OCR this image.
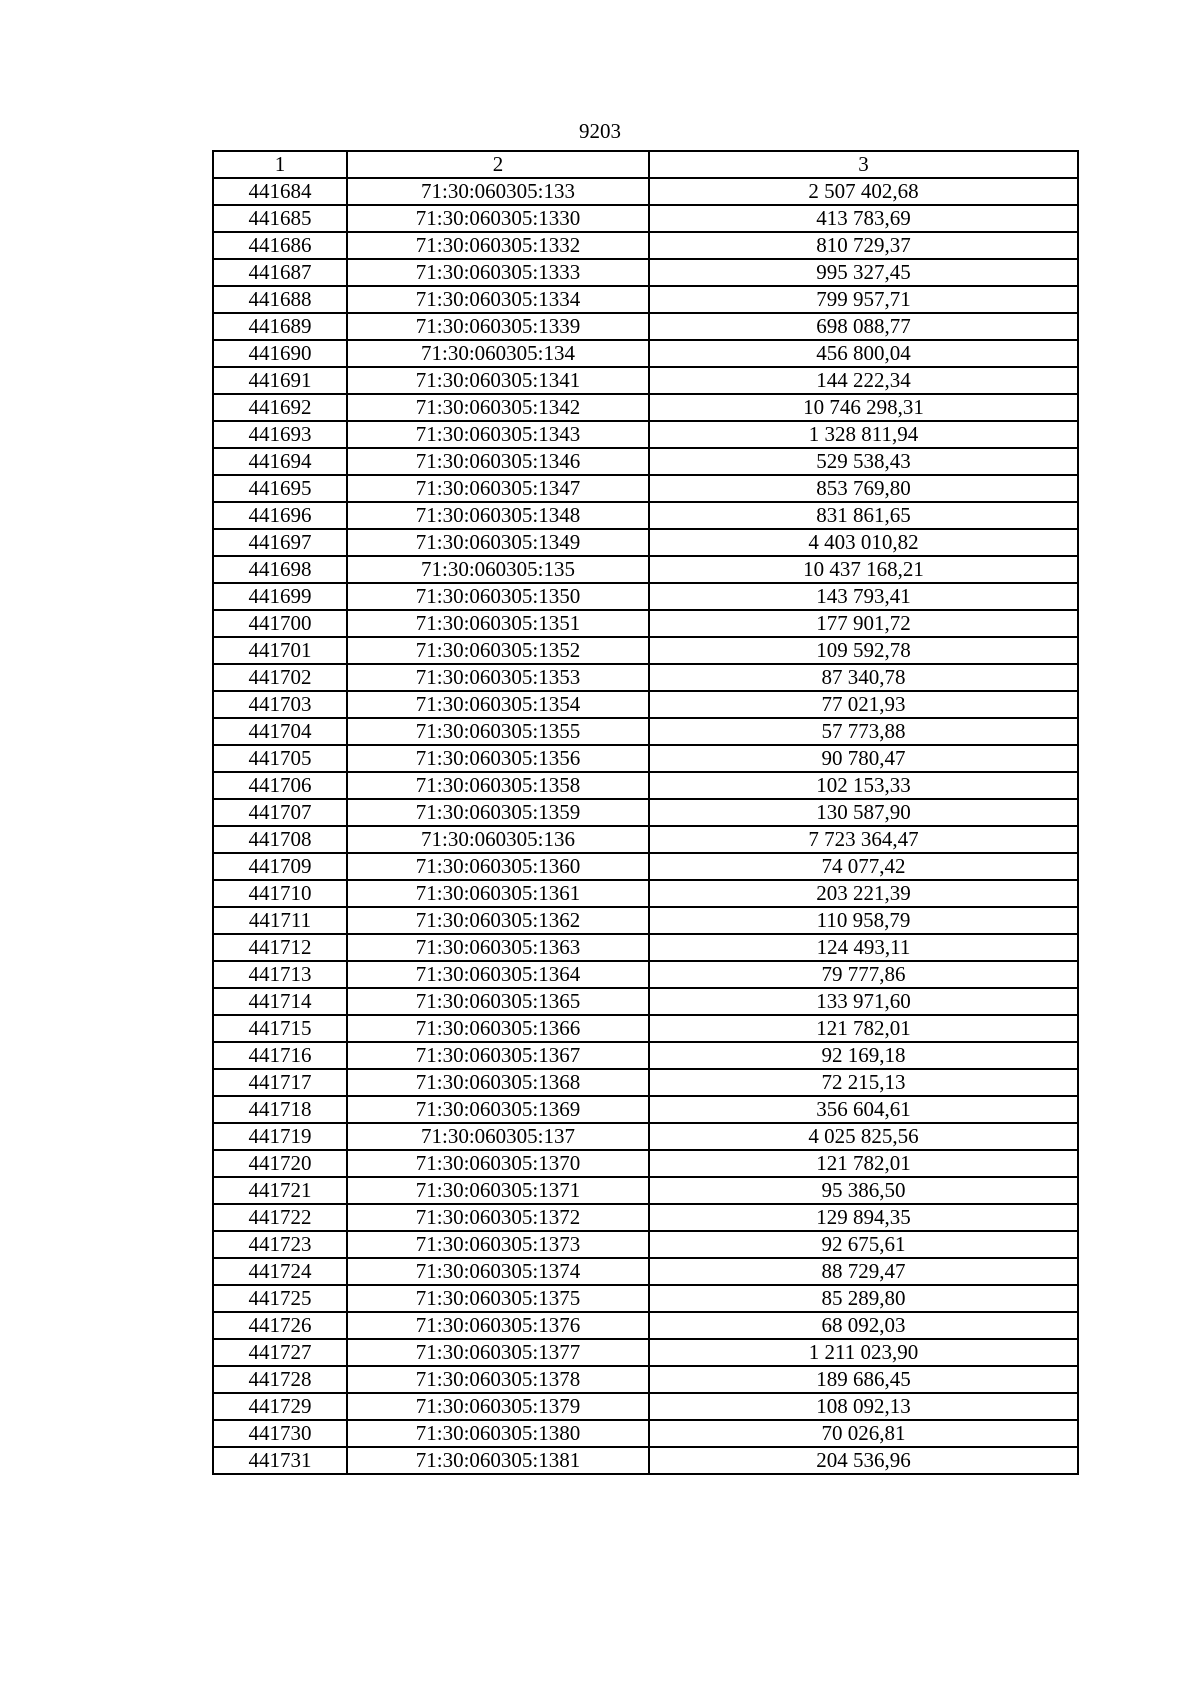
9203
1	2	3
441684	71:30:060305:133	2 507 402,68
441685	71:30:060305:1330	413 783,69
441686	71:30:060305:1332	810 729,37
441687	71:30:060305:1333	995 327,45
441688	71:30:060305:1334	799 957,71
441689	71:30:060305:1339	698 088,77
441690	71:30:060305:134	456 800,04
441691	71:30:060305:1341	144 222,34
441692	71:30:060305:1342	10 746 298,31
441693	71:30:060305:1343	1 328 811,94
441694	71:30:060305:1346	529 538,43
441695	71:30:060305:1347	853 769,80
441696	71:30:060305:1348	831 861,65
441697	71:30:060305:1349	4 403 010,82
441698	71:30:060305:135	10 437 168,21
441699	71:30:060305:1350	143 793,41
441700	71:30:060305:1351	177 901,72
441701	71:30:060305:1352	109 592,78
441702	71:30:060305:1353	87 340,78
441703	71:30:060305:1354	77 021,93
441704	71:30:060305:1355	57 773,88
441705	71:30:060305:1356	90 780,47
441706	71:30:060305:1358	102 153,33
441707	71:30:060305:1359	130 587,90
441708	71:30:060305:136	7 723 364,47
441709	71:30:060305:1360	74 077,42
441710	71:30:060305:1361	203 221,39
441711	71:30:060305:1362	110 958,79
441712	71:30:060305:1363	124 493,11
441713	71:30:060305:1364	79 777,86
441714	71:30:060305:1365	133 971,60
441715	71:30:060305:1366	121 782,01
441716	71:30:060305:1367	92 169,18
441717	71:30:060305:1368	72 215,13
441718	71:30:060305:1369	356 604,61
441719	71:30:060305:137	4 025 825,56
441720	71:30:060305:1370	121 782,01
441721	71:30:060305:1371	95 386,50
441722	71:30:060305:1372	129 894,35
441723	71:30:060305:1373	92 675,61
441724	71:30:060305:1374	88 729,47
441725	71:30:060305:1375	85 289,80
441726	71:30:060305:1376	68 092,03
441727	71:30:060305:1377	1 211 023,90
441728	71:30:060305:1378	189 686,45
441729	71:30:060305:1379	108 092,13
441730	71:30:060305:1380	70 026,81
441731	71:30:060305:1381	204 536,96
